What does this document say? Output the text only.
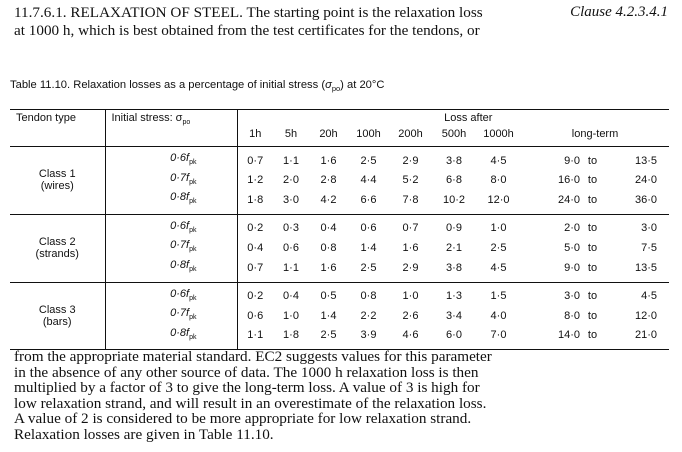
11.7.6.1. RELAXATION OF STEEL. The starting point is the relaxation loss
at 1000 h, which is best obtained from the test certificates for the tendons, or
Clause 4.2.3.4.1
Table 11.10. Relaxation losses as a percentage of initial stress $(\sigma_{po})$ at 20°C
Tendon type	Initial stress: $\sigma_{po}$	Loss after									
		1h	5h	20h	100h	200h	500h	1000h	long-term		

Class 1
(wires)											

	$0\cdot 6f_{pk}$	0·7	1·1	1·6	2·5	2·9	3·8	4·5	9·0	to	13·5
	$0\cdot 7f_{pk}$	1·2	2·0	2·8	4·4	5·2	6·8	8·0	16·0	to	24·0
	$0\cdot 8f_{pk}$	1·8	3·0	4·2	6·6	7·8	10·2	12·0	24·0	to	36·0

Class 2
(strands)											

	$0\cdot 6f_{pk}$	0·2	0·3	0·4	0·6	0·7	0·9	1·0	2·0	to	3·0
	$0\cdot 7f_{pk}$	0·4	0·6	0·8	1·4	1·6	2·1	2·5	5·0	to	7·5
	$0\cdot 8f_{pk}$	0·7	1·1	1·6	2·5	2·9	3·8	4·5	9·0	to	13·5

Class 3
(bars)											

	$0\cdot 6f_{pk}$	0·2	0·4	0·5	0·8	1·0	1·3	1·5	3·0	to	4·5
	$0\cdot 7f_{pk}$	0·6	1·0	1·4	2·2	2·6	3·4	4·0	8·0	to	12·0
	$0\cdot 8f_{pk}$	1·1	1·8	2·5	3·9	4·6	6·0	7·0	14·0	to	21·0

from the appropriate material standard. EC2 suggests values for this parameter
in the absence of any other source of data. The 1000 h relaxation loss is then
multiplied by a factor of 3 to give the long-term loss. A value of 3 is high for
low relaxation strand, and will result in an overestimate of the relaxation loss.
A value of 2 is considered to be more appropriate for low relaxation strand.
Relaxation losses are given in Table 11.10.
